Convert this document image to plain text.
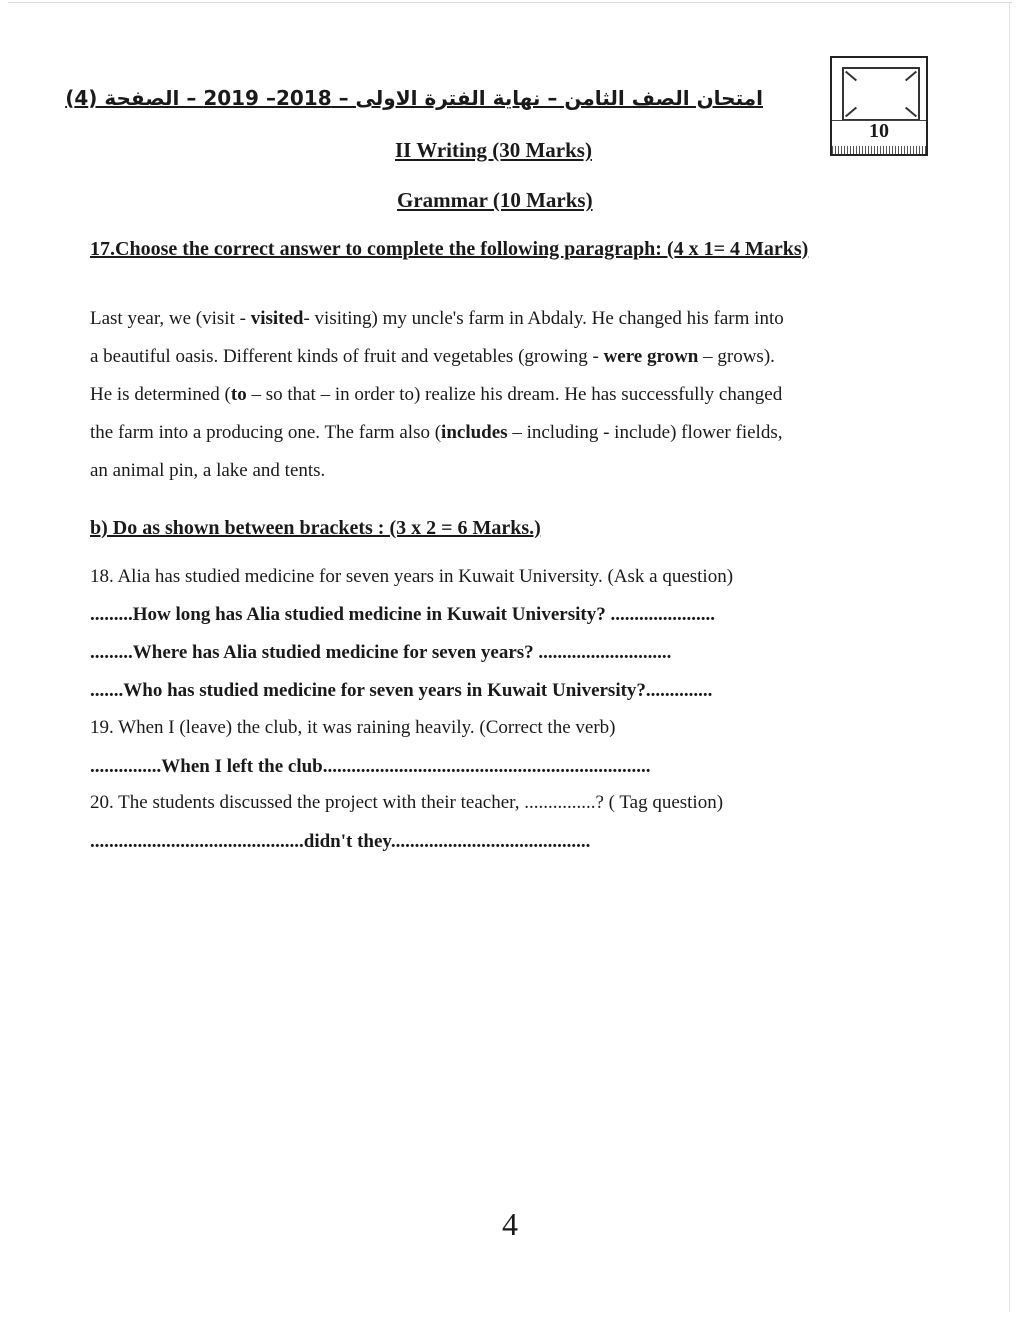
امتحان الصف الثامن – نهاية الفترة الاولى – 2018– 2019 – الصفحة (4)
10
II Writing (30 Marks)
Grammar (10 Marks)
17.Choose the correct answer to complete the following paragraph: (4 x 1= 4 Marks)

Last year, we (visit - visited- visiting) my uncle's farm in Abdaly. He changed his farm into

a beautiful oasis. Different kinds of fruit and vegetables (growing - were grown – grows).

He is determined (to – so that – in order to) realize his dream. He has successfully changed

the farm into a producing one. The farm also (includes – including - include) flower fields,

an animal pin, a lake and tents.

b) Do as shown between brackets : (3 x 2 = 6 Marks.)
18. Alia has studied medicine for seven years in Kuwait University. (Ask a question)
.........How long has Alia studied medicine in Kuwait University? ......................
.........Where has Alia studied medicine for seven years? ............................
.......Who has studied medicine for seven years in Kuwait University?..............
19. When I (leave) the club, it was raining heavily. (Correct the verb)
...............When I left the club.....................................................................
20. The students discussed the project with their teacher, ...............? ( Tag question)
.............................................didn't they..........................................
4
